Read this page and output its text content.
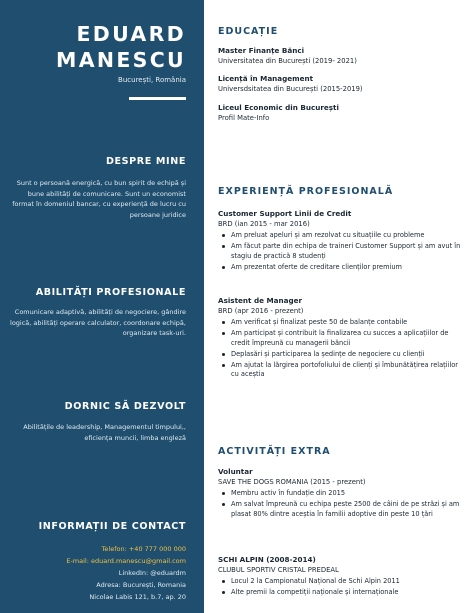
EDUARD
MANESCU
București, România
DESPRE MINE
Sunt o persoană energică, cu bun spirit de echipă și bune abilități de comunicare. Sunt un economist format în domeniul bancar, cu experiență de lucru cu persoane juridice
ABILITĂȚI PROFESIONALE
Comunicare adaptivă, abilități de negociere, gândire logică, abilități operare calculator, coordonare echipă, organizare task-uri.
DORNIC SĂ DEZVOLT
Abilitățile de leadership, Managementul timpului,, eficiența muncii, limba engleză
INFORMAȚII DE CONTACT
Telefon: +40 777 000 000
E-mail: eduard.manescu@gmail.com
LinkedIn: @eduardm
Adresa: București, Romania
Nicolae Labis 121, b.7, ap. 20
EDUCAȚIE
Master Finanțe Bănci
Universitatea din București (2019- 2021)
Licență în Management
Universdsitatea din București (2015-2019)
Liceul Economic din București
Profil Mate-Info
EXPERIENȚĂ PROFESIONALĂ
Customer Support Linii de Credit
BRD (ian 2015 - mar 2016)
Am preluat apeluri și am rezolvat cu situațiile cu probleme
Am făcut parte din echipa de traineri Customer Support și am avut în stagiu de practică 8 studenți
Am prezentat oferte de creditare clienților premium
Asistent de Manager
BRD (apr 2016 - prezent)
Am verificat și finalizat peste 50 de balanțe contabile
Am participat și contribuit la finalizarea cu succes a aplicațiilor de credit împreună cu managerii băncii
Deplasări și participarea la ședințe de negociere cu clienții
Am ajutat la lărgirea portofoliului de clienți și îmbunătățirea relațiilor cu aceștia
ACTIVITĂȚI EXTRA
Voluntar
SAVE THE DOGS ROMANIA (2015 - prezent)
Membru activ în fundație din 2015
Am salvat împreună cu echipa peste 2500 de câini de pe străzi și am plasat 80% dintre aceștia în familii adoptive din peste 10 țări
SCHI ALPIN (2008-2014)
CLUBUL SPORTIV CRISTAL PREDEAL
Locul 2 la Campionatul Național de Schi Alpin 2011
Alte premii la competiții naționale și internaționale
